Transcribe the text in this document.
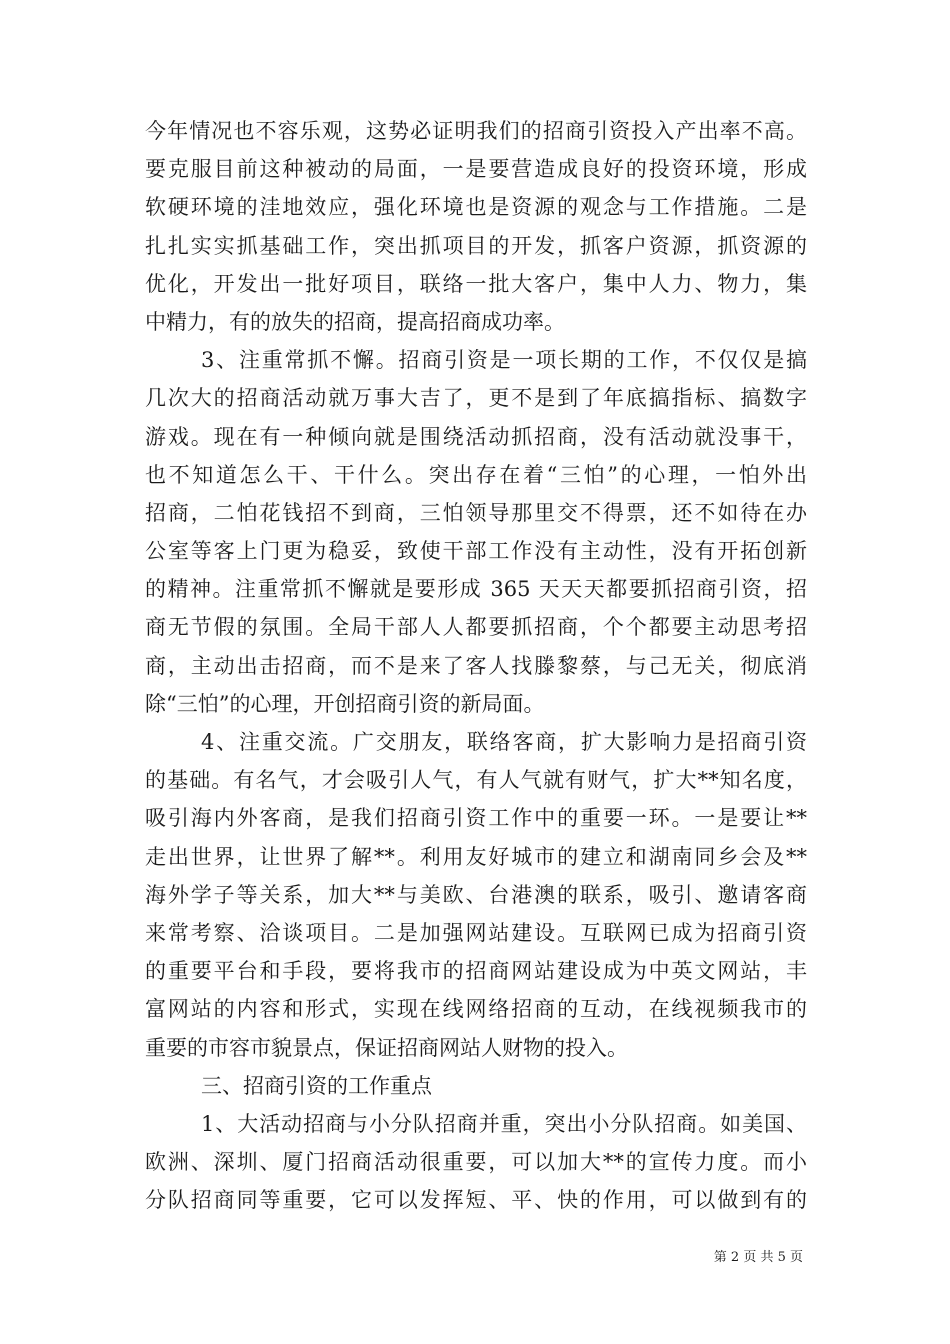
今年情况也不容乐观，这势必证明我们的招商引资投入产出率不高。
要克服目前这种被动的局面，一是要营造成良好的投资环境，形成
软硬环境的洼地效应，强化环境也是资源的观念与工作措施。二是
扎扎实实抓基础工作，突出抓项目的开发，抓客户资源，抓资源的
优化，开发出一批好项目，联络一批大客户，集中人力、物力，集
中精力，有的放失的招商，提高招商成功率。
3、注重常抓不懈。招商引资是一项长期的工作，不仅仅是搞
几次大的招商活动就万事大吉了，更不是到了年底搞指标、搞数字
游戏。现在有一种倾向就是围绕活动抓招商，没有活动就没事干，
也不知道怎么干、干什么。突出存在着“三怕”的心理，一怕外出
招商，二怕花钱招不到商，三怕领导那里交不得票，还不如待在办
公室等客上门更为稳妥，致使干部工作没有主动性，没有开拓创新
的精神。注重常抓不懈就是要形成 365 天天天都要抓招商引资，招
商无节假的氛围。全局干部人人都要抓招商，个个都要主动思考招
商，主动出击招商，而不是来了客人找滕黎蔡，与己无关，彻底消
除“三怕”的心理，开创招商引资的新局面。
4、注重交流。广交朋友，联络客商，扩大影响力是招商引资
的基础。有名气，才会吸引人气，有人气就有财气，扩大**知名度，
吸引海内外客商，是我们招商引资工作中的重要一环。一是要让**
走出世界，让世界了解**。利用友好城市的建立和湖南同乡会及**
海外学子等关系，加大**与美欧、台港澳的联系，吸引、邀请客商
来常考察、洽谈项目。二是加强网站建设。互联网已成为招商引资
的重要平台和手段，要将我市的招商网站建设成为中英文网站，丰
富网站的内容和形式，实现在线网络招商的互动，在线视频我市的
重要的市容市貌景点，保证招商网站人财物的投入。
三、招商引资的工作重点
1、大活动招商与小分队招商并重，突出小分队招商。如美国、
欧洲、深圳、厦门招商活动很重要，可以加大**的宣传力度。而小
分队招商同等重要，它可以发挥短、平、快的作用，可以做到有的
第 2 页 共 5 页
